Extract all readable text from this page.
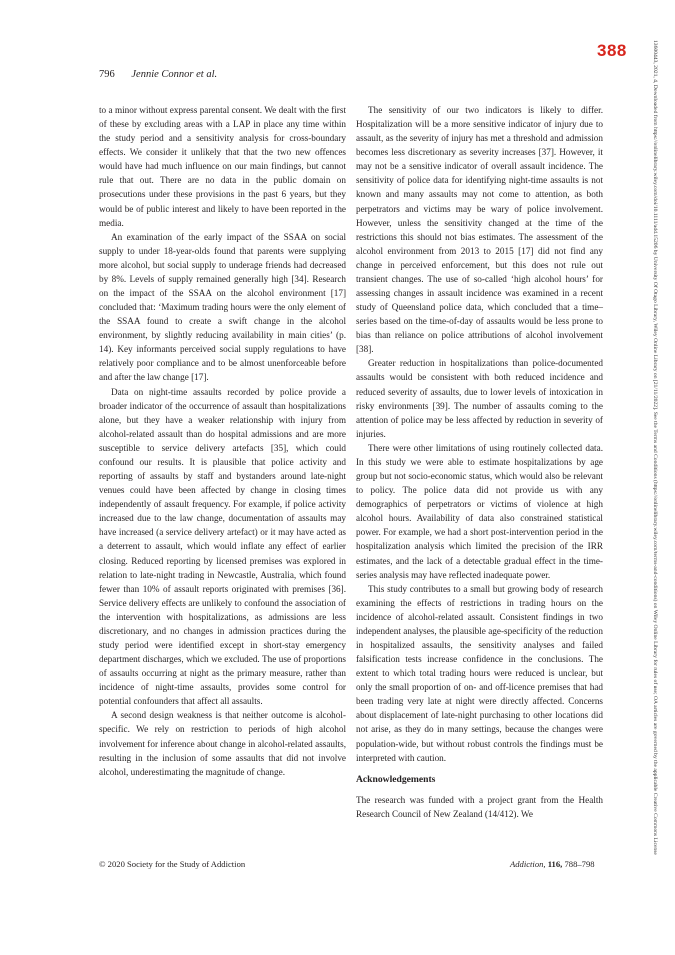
388
796 Jennie Connor et al.

to a minor without express parental consent. We dealt with the first of these by excluding areas with a LAP in place any time within the study period and a sensitivity analysis for cross-boundary effects. We consider it unlikely that that the two new offences would have had much influence on our main findings, but cannot rule that out. There are no data in the public domain on prosecutions under these provisions in the past 6 years, but they would be of public interest and likely to have been reported in the media.

An examination of the early impact of the SSAA on social supply to under 18-year-olds found that parents were supplying more alcohol, but social supply to underage friends had decreased by 8%. Levels of supply remained generally high [34]. Research on the impact of the SSAA on the alcohol environment [17] concluded that: ‘Maximum trading hours were the only element of the SSAA found to create a swift change in the alcohol environment, by slightly reducing availability in main cities’ (p. 14). Key informants perceived social supply regulations to have relatively poor compliance and to be almost unenforceable before and after the law change [17].

Data on night-time assaults recorded by police provide a broader indicator of the occurrence of assault than hospitalizations alone, but they have a weaker relationship with injury from alcohol-related assault than do hospital admissions and are more susceptible to service delivery artefacts [35], which could confound our results. It is plausible that police activity and reporting of assaults by staff and bystanders around late-night venues could have been affected by change in closing times independently of assault frequency. For example, if police activity increased due to the law change, documentation of assaults may have increased (a service delivery artefact) or it may have acted as a deterrent to assault, which would inflate any effect of earlier closing. Reduced reporting by licensed premises was explored in relation to late-night trading in Newcastle, Australia, which found fewer than 10% of assault reports originated with premises [36]. Service delivery effects are unlikely to confound the association of the intervention with hospitalizations, as admissions are less discretionary, and no changes in admission practices during the study period were identified except in short-stay emergency department discharges, which we excluded. The use of proportions of assaults occurring at night as the primary measure, rather than incidence of night-time assaults, provides some control for potential confounders that affect all assaults.

A second design weakness is that neither outcome is alcohol-specific. We rely on restriction to periods of high alcohol involvement for inference about change in alcohol-related assaults, resulting in the inclusion of some assaults that did not involve alcohol, underestimating the magnitude of change.

The sensitivity of our two indicators is likely to differ. Hospitalization will be a more sensitive indicator of injury due to assault, as the severity of injury has met a threshold and admission becomes less discretionary as severity increases [37]. However, it may not be a sensitive indicator of overall assault incidence. The sensitivity of police data for identifying night-time assaults is not known and many assaults may not come to attention, as both perpetrators and victims may be wary of police involvement. However, unless the sensitivity changed at the time of the restrictions this should not bias estimates. The assessment of the alcohol environment from 2013 to 2015 [17] did not find any change in perceived enforcement, but this does not rule out transient changes. The use of so-called ‘high alcohol hours’ for assessing changes in assault incidence was examined in a recent study of Queensland police data, which concluded that a time–series based on the time-of-day of assaults would be less prone to bias than reliance on police attributions of alcohol involvement [38].

Greater reduction in hospitalizations than police-documented assaults would be consistent with both reduced incidence and reduced severity of assaults, due to lower levels of intoxication in risky environments [39]. The number of assaults coming to the attention of police may be less affected by reduction in severity of injuries.

There were other limitations of using routinely collected data. In this study we were able to estimate hospitalizations by age group but not socio-economic status, which would also be relevant to policy. The police data did not provide us with any demographics of perpetrators or victims of violence at high alcohol hours. Availability of data also constrained statistical power. For example, we had a short post-intervention period in the hospitalization analysis which limited the precision of the IRR estimates, and the lack of a detectable gradual effect in the time-series analysis may have reflected inadequate power.

This study contributes to a small but growing body of research examining the effects of restrictions in trading hours on the incidence of alcohol-related assault. Consistent findings in two independent analyses, the plausible age-specificity of the reduction in hospitalized assaults, the sensitivity analyses and failed falsification tests increase confidence in the conclusions. The extent to which total trading hours were reduced is unclear, but only the small proportion of on- and off-licence premises that had been trading very late at night were directly affected. Concerns about displacement of late-night purchasing to other locations did not arise, as they do in many settings, because the changes were population-wide, but without robust controls the findings must be interpreted with caution.

Acknowledgements

The research was funded with a project grant from the Health Research Council of New Zealand (14/412). We

© 2020 Society for the Study of Addiction	Addiction, 116, 788–798
13600443, 2021, 4, Downloaded from https://onlinelibrary.wiley.com/doi/10.1111/add.15206 by University Of Otago Library, Wiley Online Library on [21/11/2022]. See the Terms and Conditions (https://onlinelibrary.wiley.com/terms-and-conditions) on Wiley Online Library for rules of use; OA articles are governed by the applicable Creative Commons License
